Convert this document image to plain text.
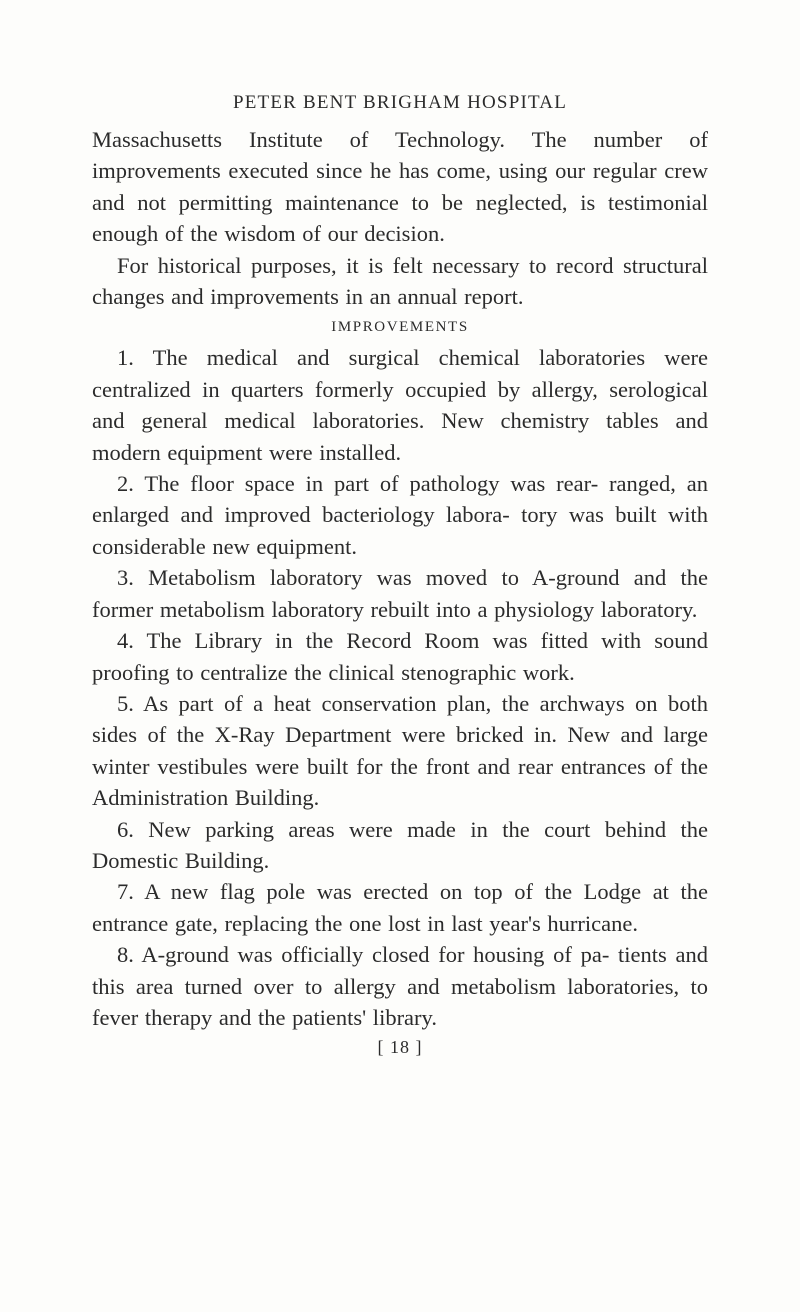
PETER BENT BRIGHAM HOSPITAL

Massachusetts Institute of Technology. The number of improvements executed since he has come, using our regular crew and not permitting maintenance to be neglected, is testimonial enough of the wisdom of our decision.

For historical purposes, it is felt necessary to record structural changes and improvements in an annual report.

IMPROVEMENTS

1. The medical and surgical chemical laboratories were centralized in quarters formerly occupied by allergy, serological and general medical laboratories. New chemistry tables and modern equipment were installed.

2. The floor space in part of pathology was rear- ranged, an enlarged and improved bacteriology labora- tory was built with considerable new equipment.

3. Metabolism laboratory was moved to A-ground and the former metabolism laboratory rebuilt into a physiology laboratory.

4. The Library in the Record Room was fitted with sound proofing to centralize the clinical stenographic work.

5. As part of a heat conservation plan, the archways on both sides of the X-Ray Department were bricked in. New and large winter vestibules were built for the front and rear entrances of the Administration Building.

6. New parking areas were made in the court behind the Domestic Building.

7. A new flag pole was erected on top of the Lodge at the entrance gate, replacing the one lost in last year's hurricane.

8. A-ground was officially closed for housing of pa- tients and this area turned over to allergy and metabolism laboratories, to fever therapy and the patients' library.

[ 18 ]
